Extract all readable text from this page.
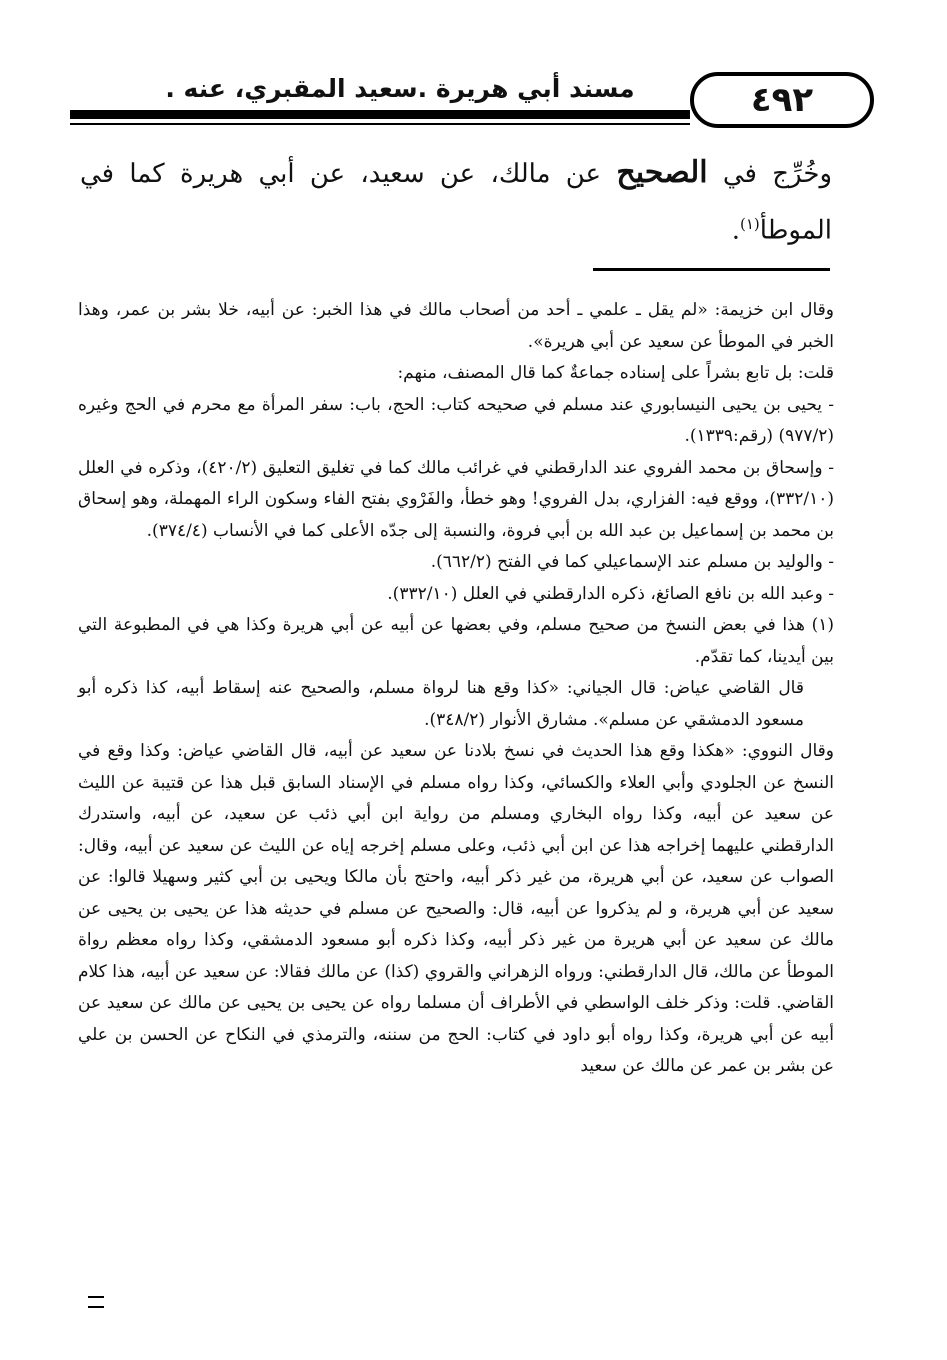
مسند أبي هريرة .سعيد المقبري، عنه .	٤٩٢
وخُرِّج في الصحيح عن مالك، عن سعيد، عن أبي هريرة كما في الموطأ$^{(١)}$.

وقال ابن خزيمة: «لم يقل ـ علمي ـ أحد من أصحاب مالك في هذا الخبر: عن أبيه، خلا بشر بن عمر، وهذا الخبر في الموطأ عن سعيد عن أبي هريرة».

قلت: بل تابع بشراً على إسناده جماعةٌ كما قال المصنف، منهم:

- يحيى بن يحيى النيسابوري عند مسلم في صحيحه كتاب: الحج، باب: سفر المرأة مع محرم في الحج وغيره (٩٧٧/٢) (رقم:١٣٣٩).

- وإسحاق بن محمد الفروي عند الدارقطني في غرائب مالك كما في تغليق التعليق (٤٢٠/٢)، وذكره في العلل (٣٣٢/١٠)، ووقع فيه: الفزاري، بدل الفروي! وهو خطأ، والفَرْوي بفتح الفاء وسكون الراء المهملة، وهو إسحاق بن محمد بن إسماعيل بن عبد الله بن أبي فروة، والنسبة إلى جدّه الأعلى كما في الأنساب (٣٧٤/٤).

- والوليد بن مسلم عند الإسماعيلي كما في الفتح (٦٦٢/٢).

- وعبد الله بن نافع الصائغ، ذكره الدارقطني في العلل (٣٣٢/١٠).

(١) هذا في بعض النسخ من صحيح مسلم، وفي بعضها عن أبيه عن أبي هريرة وكذا هي في المطبوعة التي بين أيدينا، كما تقدّم.

قال القاضي عياض: قال الجياني: «كذا وقع هنا لرواة مسلم، والصحيح عنه إسقاط أبيه، كذا ذكره أبو مسعود الدمشقي عن مسلم». مشارق الأنوار (٣٤٨/٢).

وقال النووي: «هكذا وقع هذا الحديث في نسخ بلادنا عن سعيد عن أبيه، قال القاضي عياض: وكذا وقع في النسخ عن الجلودي وأبي العلاء والكسائي، وكذا رواه مسلم في الإسناد السابق قبل هذا عن قتيبة عن الليث عن سعيد عن أبيه، وكذا رواه البخاري ومسلم من رواية ابن أبي ذئب عن سعيد، عن أبيه، واستدرك الدارقطني عليهما إخراجه هذا عن ابن أبي ذئب، وعلى مسلم إخرجه إياه عن الليث عن سعيد عن أبيه، وقال: الصواب عن سعيد، عن أبي هريرة، من غير ذكر أبيه، واحتج بأن مالكا ويحيى بن أبي كثير وسهيلا قالوا: عن سعيد عن أبي هريرة، و لم يذكروا عن أبيه، قال: والصحيح عن مسلم في حديثه هذا عن يحيى بن يحيى عن مالك عن سعيد عن أبي هريرة من غير ذكر أبيه، وكذا ذكره أبو مسعود الدمشقي، وكذا رواه معظم رواة الموطأ عن مالك، قال الدارقطني: ورواه الزهراني والقروي (كذا) عن مالك فقالا: عن سعيد عن أبيه، هذا كلام القاضي. قلت: وذكر خلف الواسطي في الأطراف أن مسلما رواه عن يحيى بن يحيى عن مالك عن سعيد عن أبيه عن أبي هريرة، وكذا رواه أبو داود في كتاب: الحج من سننه، والترمذي في النكاح عن الحسن بن علي عن بشر بن عمر عن مالك عن سعيد
